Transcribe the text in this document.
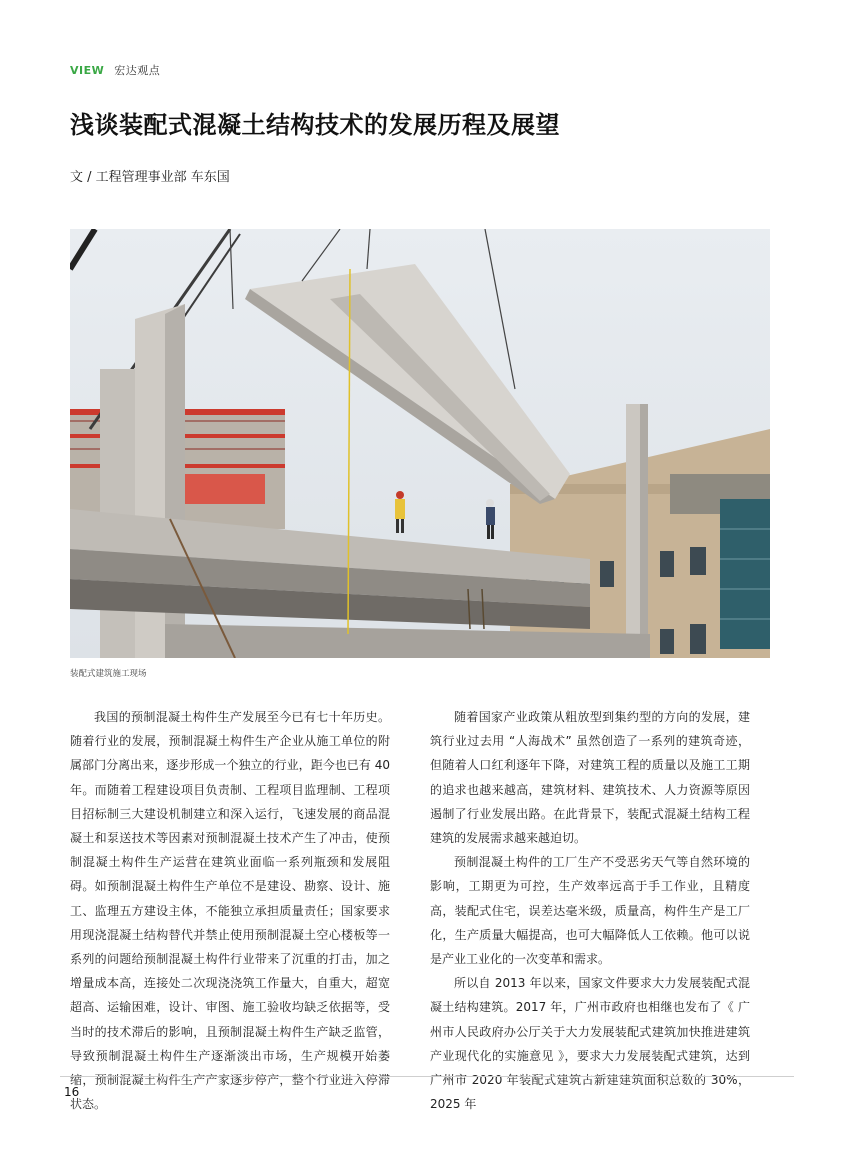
VIEW 宏达观点
浅谈装配式混凝土结构技术的发展历程及展望
文 / 工程管理事业部 车东国
装配式建筑施工现场

我国的预制混凝土构件生产发展至今已有七十年历史。随着行业的发展，预制混凝土构件生产企业从施工单位的附属部门分离出来，逐步形成一个独立的行业，距今也已有 40 年。而随着工程建设项目负责制、工程项目监理制、工程项目招标制三大建设机制建立和深入运行，飞速发展的商品混凝土和泵送技术等因素对预制混凝土技术产生了冲击，使预制混凝土构件生产运营在建筑业面临一系列瓶颈和发展阻碍。如预制混凝土构件生产单位不是建设、勘察、设计、施工、监理五方建设主体，不能独立承担质量责任；国家要求用现浇混凝土结构替代并禁止使用预制混凝土空心楼板等一系列的问题给预制混凝土构件行业带来了沉重的打击，加之增量成本高，连接处二次现浇浇筑工作量大，自重大，超宽超高、运输困难，设计、审图、施工验收均缺乏依据等，受当时的技术滞后的影响，且预制混凝土构件生产缺乏监管，导致预制混凝土构件生产逐渐淡出市场，生产规模开始萎缩，预制混凝土构件生产产家逐步停产，整个行业进入停滞状态。

随着国家产业政策从粗放型到集约型的方向的发展，建筑行业过去用 “人海战术” 虽然创造了一系列的建筑奇迹，但随着人口红利逐年下降，对建筑工程的质量以及施工工期的追求也越来越高，建筑材料、建筑技术、人力资源等原因遏制了行业发展出路。在此背景下，装配式混凝土结构工程建筑的发展需求越来越迫切。

预制混凝土构件的工厂生产不受恶劣天气等自然环境的影响，工期更为可控，生产效率远高于手工作业，且精度高，装配式住宅，误差达毫米级，质量高，构件生产是工厂化，生产质量大幅提高，也可大幅降低人工依赖。他可以说是产业工业化的一次变革和需求。

所以自 2013 年以来，国家文件要求大力发展装配式混凝土结构建筑。2017 年，广州市政府也相继也发布了《 广州市人民政府办公厅关于大力发展装配式建筑加快推进建筑产业现代化的实施意见 》，要求大力发展装配式建筑，达到广州市 2020 年装配式建筑占新建建筑面积总数的 30%，2025 年

16
